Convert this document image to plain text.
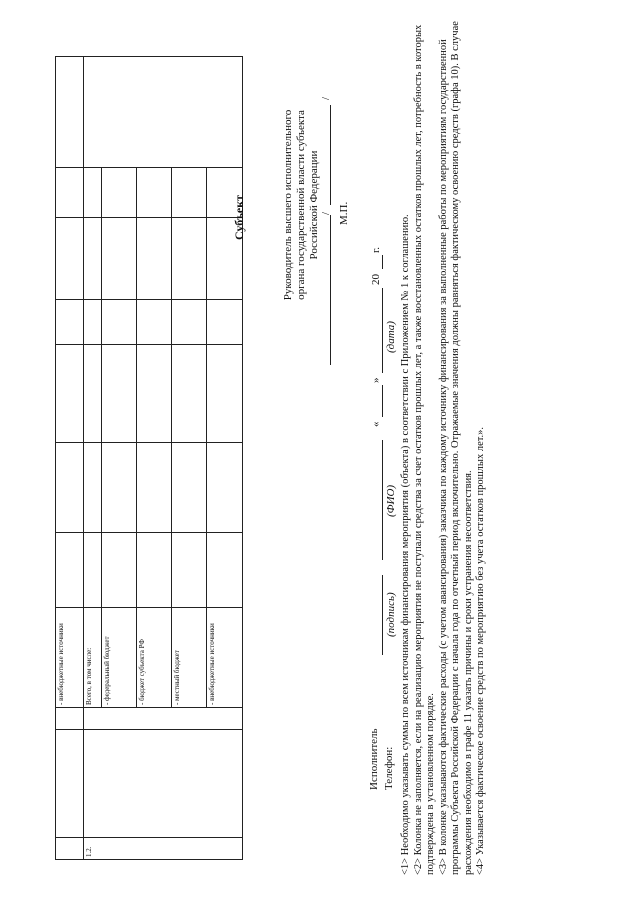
			- внебюджетные источники							
1.2.			Всего, в том числе:							
			- федеральный бюджет							
			- бюджет субъекта РФ							
			- местный бюджет							
			- внебюджетные источники							
Субъект	Руководитель высшего исполнительного органа государственной власти субъекта Российской Федерации /
/
М.П.
Исполнитель Телефон:
(подпись)
(ФИО)
«
»
20
г.
(дата) <1> Необходимо указывать суммы по всем источникам финансирования мероприятия (объекта) в соответствии с Приложением № 1 к соглашению. <2> Колонка не заполняется, если на реализацию мероприятия не поступали средства за счет остатков прошлых лет, а также восстановленных остатков прошлых лет, потребность в которых подтверждена в установленном порядке. <3> В колонке указываются фактические расходы (с учетом авансирования) заказчика по каждому источнику финансирования за выполненные работы по мероприятиям государственной программы Субъекта Российской Федерации с начала года по отчетный период включительно. Отражаемые значения должны равняться фактическому освоению средств (графа 10). В случае расхождения необходимо в графе 11 указать причины и сроки устранения несоответствия. <4> Указывается фактическое освоение средств по мероприятию без учета остатков прошлых лет.».
